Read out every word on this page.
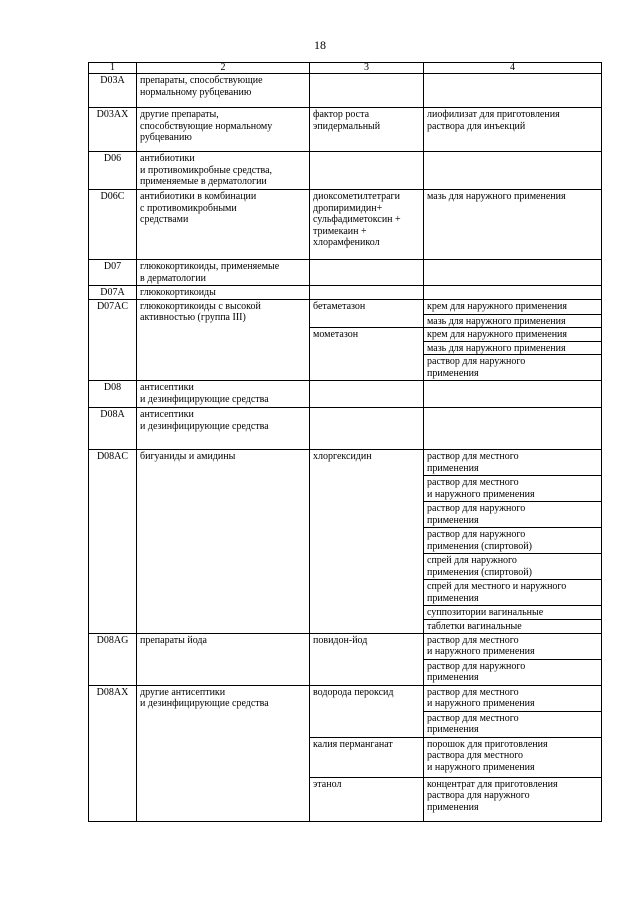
18
1	2	3	4
D03A	препараты, способствующие
нормальному рубцеванию		
D03AX	другие препараты,
способствующие нормальному
рубцеванию	фактор роста
эпидермальный	лиофилизат для приготовления
раствора для инъекций
D06	антибиотики
и противомикробные средства,
применяемые в дерматологии		
D06C	антибиотики в комбинации
с противомикробными
средствами	диоксометилтетраги
дропиримидин+
сульфадиметоксин +
тримекаин +
хлорамфеникол	мазь для наружного применения
D07	глюкокортикоиды, применяемые
в дерматологии		
D07A	глюкокортикоиды		
D07AC	глюкокортикоиды с высокой
активностью (группа III)	бетаметазон	крем для наружного применения
			мазь для наружного применения
		мометазон	крем для наружного применения
			мазь для наружного применения
			раствор для наружного
применения
D08	антисептики
и дезинфицирующие средства		
D08A	антисептики
и дезинфицирующие средства		
D08AC	бигуаниды и амидины	хлоргексидин	раствор для местного
применения
			раствор для местного
и наружного применения
			раствор для наружного
применения
			раствор для наружного
применения (спиртовой)
			спрей для наружного
применения (спиртовой)
			спрей для местного и наружного
применения
			суппозитории вагинальные
			таблетки вагинальные
D08AG	препараты йода	повидон-йод	раствор для местного
и наружного применения
			раствор для наружного
применения
D08AX	другие антисептики
и дезинфицирующие средства	водорода пероксид	раствор для местного
и наружного применения
			раствор для местного
применения
		калия перманганат	порошок для приготовления
раствора для местного
и наружного применения
		этанол	концентрат для приготовления
раствора для наружного
применения
